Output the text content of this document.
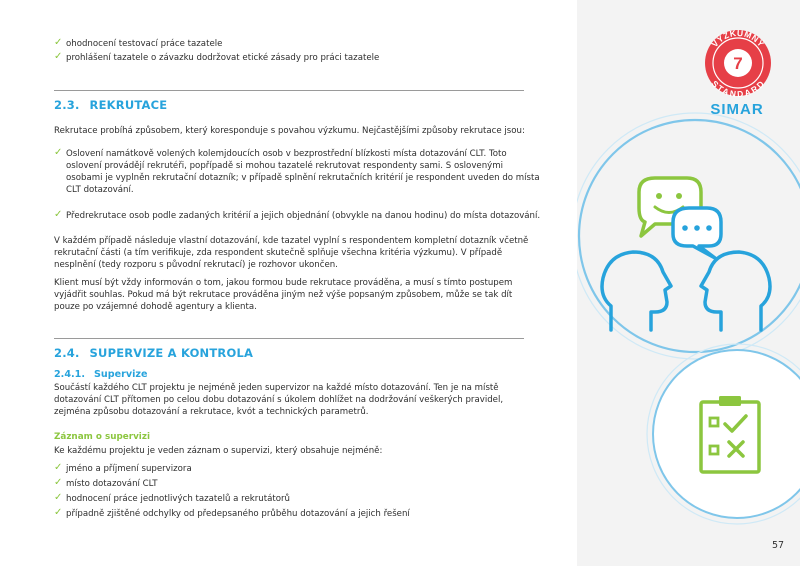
✓ ohodnocení testovací práce tazatele
✓ prohlášení tazatele o závazku dodržovat etické zásady pro práci tazatele
2.3. REKRUTACE
Rekrutace probíhá způsobem, který koresponduje s povahou výzkumu. Nejčastějšími způsoby rekrutace jsou:
✓ Oslovení namátkově volených kolemjdoucích osob v bezprostřední blízkosti místa dotazování CLT. Toto
oslovení provádějí rekrutéři, popřípadě si mohou tazatelé rekrutovat respondenty sami. S oslovenými
osobami je vyplněn rekrutační dotazník; v případě splnění rekrutačních kritérií je respondent uveden do místa
CLT dotazování.
✓ Předrekrutace osob podle zadaných kritérií a jejich objednání (obvykle na danou hodinu) do místa dotazování.
V každém případě následuje vlastní dotazování, kde tazatel vyplní s respondentem kompletní dotazník včetně
rekrutační části (a tím verifikuje, zda respondent skutečně splňuje všechna kritéria výzkumu). V případě
nesplnění (tedy rozporu s původní rekrutací) je rozhovor ukončen.
Klient musí být vždy informován o tom, jakou formou bude rekrutace prováděna, a musí s tímto postupem
vyjádřit souhlas. Pokud má být rekrutace prováděna jiným než výše popsaným způsobem, může se tak dít
pouze po vzájemné dohodě agentury a klienta.
2.4. SUPERVIZE A KONTROLA
2.4.1. Supervize
Součástí každého CLT projektu je nejméně jeden supervizor na každé místo dotazování. Ten je na místě
dotazování CLT přítomen po celou dobu dotazování s úkolem dohlížet na dodržování veškerých pravidel,
zejména způsobu dotazování a rekrutace, kvót a technických parametrů.
Záznam o supervizi
Ke každému projektu je veden záznam o supervizi, který obsahuje nejméně:
✓ jméno a příjmení supervizora
✓ místo dotazování CLT
✓ hodnocení práce jednotlivých tazatelů a rekrutátorů
✓ případně zjištěné odchylky od předepsaného průběhu dotazování a jejich řešení
VÝZKUMNÝ
STANDARD
7
SIMAR
57
